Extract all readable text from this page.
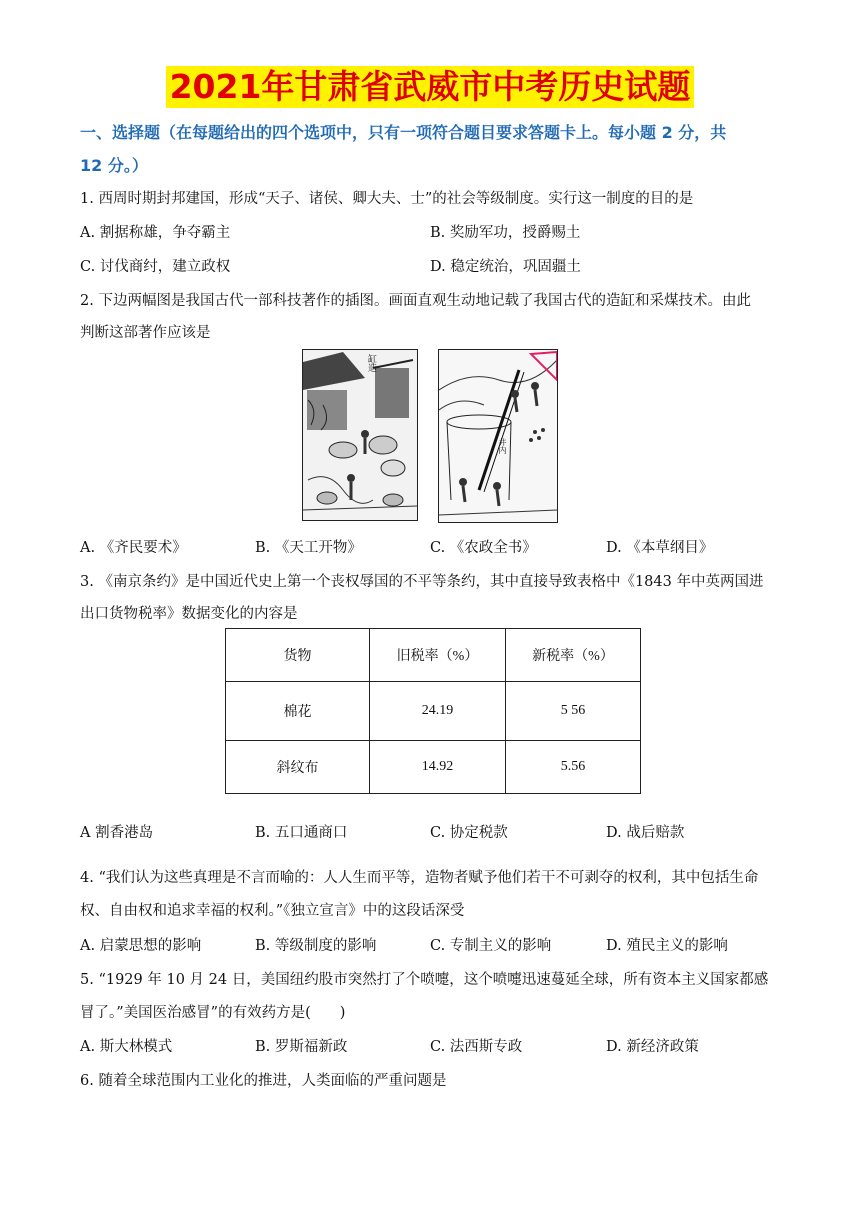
2021年甘肃省武威市中考历史试题
一、选择题（在每题给出的四个选项中，只有一项符合题目要求答题卡上。每小题 2 分，共
12 分。）
1. 西周时期封邦建国，形成“天子、诸侯、卿大夫、士”的社会等级制度。实行这一制度的目的是
A. 割据称雄，争夺霸主	B. 奖励军功，授爵赐土
C. 讨伐商纣，建立政权	D. 稳定统治，巩固疆土
2. 下边两幅图是我国古代一部科技著作的插图。画面直观生动地记载了我国古代的造缸和采煤技术。由此
判断这部著作应该是
缸造
井内
A. 《齐民要术》	B. 《天工开物》	C. 《农政全书》	D. 《本草纲目》
3. 《南京条约》是中国近代史上第一个丧权辱国的不平等条约，其中直接导致表格中《1843 年中英两国进
出口货物税率》数据变化的内容是
货物	旧税率（%）	新税率（%）
棉花	24.19	5 56
斜纹布	14.92	5.56
A 割香港岛	B. 五口通商口	C. 协定税款	D. 战后赔款
4. “我们认为这些真理是不言而喻的：人人生而平等，造物者赋予他们若干不可剥夺的权利，其中包括生命
权、自由权和追求幸福的权利。”《独立宣言》中的这段话深受
A. 启蒙思想的影响	B. 等级制度的影响	C. 专制主义的影响	D. 殖民主义的影响
5. “1929 年 10 月 24 日，美国纽约股市突然打了个喷嚏，这个喷嚏迅速蔓延全球，所有资本主义国家都感
冒了。”美国医治感冒”的有效药方是(　　)
A. 斯大林模式	B. 罗斯福新政	C. 法西斯专政	D. 新经济政策
6. 随着全球范围内工业化的推进，人类面临的严重问题是
